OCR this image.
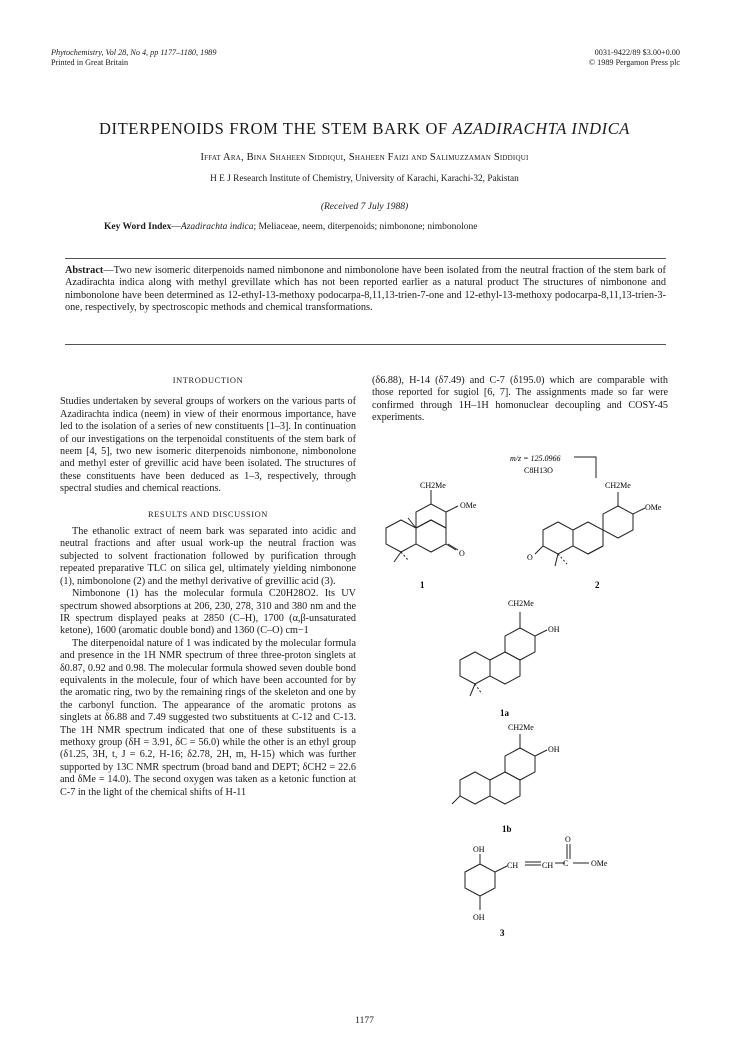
Phytochemistry, Vol 28, No 4, pp 1177–1180, 1989
Printed in Great Britain
0031-9422/89 $3.00+0.00
© 1989 Pergamon Press plc
DITERPENOIDS FROM THE STEM BARK OF AZADIRACHTA INDICA
Iffat Ara, Bina Shaheen Siddiqui, Shaheen Faizi and Salimuzzaman Siddiqui
H E J Research Institute of Chemistry, University of Karachi, Karachi-32, Pakistan
(Received 7 July 1988)
Key Word Index—Azadirachta indica; Meliaceae, neem, diterpenoids; nimbonone; nimbonolone
Abstract—Two new isomeric diterpenoids named nimbonone and nimbonolone have been isolated from the neutral fraction of the stem bark of Azadirachta indica along with methyl grevillate which has not been reported earlier as a natural product The structures of nimbonone and nimbonolone have been determined as 12-ethyl-13-methoxy podocarpa-8,11,13-trien-7-one and 12-ethyl-13-methoxy podocarpa-8,11,13-trien-3-one, respectively, by spectroscopic methods and chemical transformations.
INTRODUCTION

Studies undertaken by several groups of workers on the various parts of Azadirachta indica (neem) in view of their enormous importance, have led to the isolation of a series of new constituents [1–3]. In continuation of our investigations on the terpenoidal constituents of the stem bark of neem [4, 5], two new isomeric diterpenoids nimbonone, nimbonolone and methyl ester of grevillic acid have been isolated. The structures of these constituents have been deduced as 1–3, respectively, through spectral studies and chemical reactions.

RESULTS AND DISCUSSION

The ethanolic extract of neem bark was separated into acidic and neutral fractions and after usual work-up the neutral fraction was subjected to solvent fractionation followed by purification through repeated preparative TLC on silica gel, ultimately yielding nimbonone (1), nimbonolone (2) and the methyl derivative of grevillic acid (3).

Nimbonone (1) has the molecular formula C20H28O2. Its UV spectrum showed absorptions at 206, 230, 278, 310 and 380 nm and the IR spectrum displayed peaks at 2850 (C–H), 1700 (α,β-unsaturated ketone), 1600 (aromatic double bond) and 1360 (C–O) cm−1

The diterpenoidal nature of 1 was indicated by the molecular formula and presence in the 1H NMR spectrum of three three-proton singlets at δ0.87, 0.92 and 0.98. The molecular formula showed seven double bond equivalents in the molecule, four of which have been accounted for by the aromatic ring, two by the remaining rings of the skeleton and one by the carbonyl function. The appearance of the aromatic protons as singlets at δ6.88 and 7.49 suggested two substituents at C-12 and C-13. The 1H NMR spectrum indicated that one of these substituents is a methoxy group (δH = 3.91, δC = 56.0) while the other is an ethyl group (δ1.25, 3H, t, J = 6.2, H-16; δ2.78, 2H, m, H-15) which was further supported by 13C NMR spectrum (broad band and DEPT; δCH2 = 22.6 and δMe = 14.0). The second oxygen was taken as a ketonic function at C-7 in the light of the chemical shifts of H-11

(δ6.88), H-14 (δ7.49) and C-7 (δ195.0) which are comparable with those reported for sugiol [6, 7]. The assignments made so far were confirmed through 1H–1H homonuclear decoupling and COSY-45 experiments.

CH2Me
OMe
O
1
m/z = 125.0966
C8H13O
CH2Me
OMe
O
2
CH2Me
OH
1a
CH2Me
OH
1b
OH
OH
OMe
O
CH	CH C
3
1177
